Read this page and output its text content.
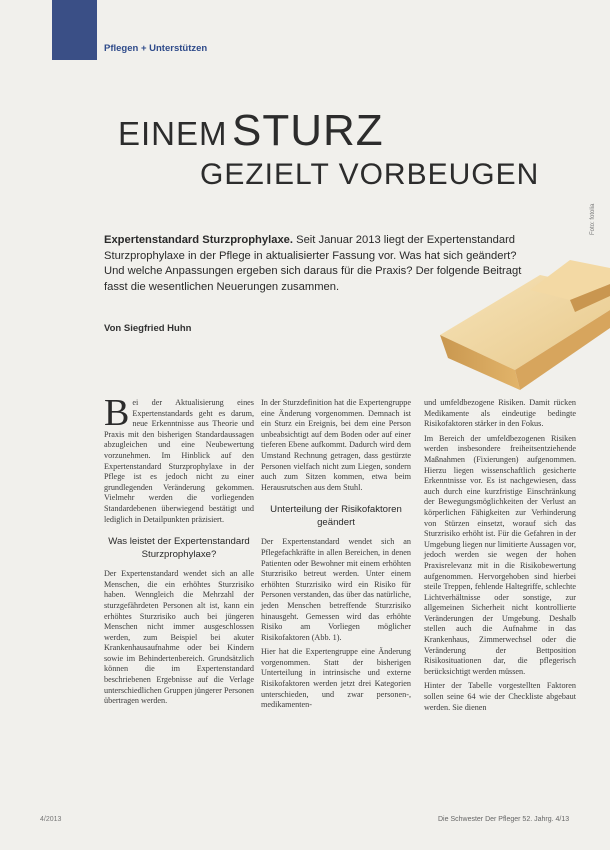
Pflegen + Unterstützen
EINEM STURZ
GEZIELT VORBEUGEN
Expertenstandard Sturzprophylaxe. Seit Januar 2013 liegt der Expertenstandard Sturzprophylaxe in der Pflege in aktualisierter Fassung vor. Was hat sich geändert? Und welche Anpassungen ergeben sich daraus für die Praxis? Der folgende Beitragt fasst die wesentlichen Neuerungen zusammen.
Von Siegfried Huhn
Foto: fotolia

Bei der Aktualisierung eines Expertenstandards geht es darum, neue Erkenntnisse aus Theorie und Praxis mit den bisherigen Standardaussagen abzugleichen und eine Neubewertung vorzunehmen. Im Hinblick auf den Expertenstandard Sturzprophylaxe in der Pflege ist es jedoch nicht zu einer grundlegenden Veränderung gekommen. Vielmehr werden die vorliegenden Standardebenen überwiegend bestätigt und lediglich in Detailpunkten präzisiert.

Was leistet der Expertenstandard Sturzprophylaxe?

Der Expertenstandard wendet sich an alle Menschen, die ein erhöhtes Sturzrisiko haben. Wenngleich die Mehrzahl der sturzgefährdeten Personen alt ist, kann ein erhöhtes Sturzrisiko auch bei jüngeren Menschen nicht immer ausgeschlossen werden, zum Beispiel bei akuter Krankenhausaufnahme oder bei Kindern sowie im Behindertenbereich. Grundsätzlich können die im Expertenstandard beschriebenen Ergebnisse auf die Verlage unterschiedlichen Gruppen jüngerer Personen übertragen werden.

In der Sturzdefinition hat die Expertengruppe eine Änderung vorgenommen. Demnach ist ein Sturz ein Ereignis, bei dem eine Person unbeabsichtigt auf dem Boden oder auf einer tieferen Ebene aufkommt. Dadurch wird dem Umstand Rechnung getragen, dass gestürzte Personen vielfach nicht zum Liegen, sondern auch zum Sitzen kommen, etwa beim Herausrutschen aus dem Stuhl.

Unterteilung der Risikofaktoren geändert

Der Expertenstandard wendet sich an Pflegefachkräfte in allen Bereichen, in denen Patienten oder Bewohner mit einem erhöhten Sturzrisiko betreut werden. Unter einem erhöhten Sturzrisiko wird ein Risiko für Personen verstanden, das über das natürliche, jeden Menschen betreffende Sturzrisiko hinausgeht. Gemessen wird das erhöhte Risiko am Vorliegen möglicher Risikofaktoren (Abb. 1).

Hier hat die Expertengruppe eine Änderung vorgenommen. Statt der bisherigen Unterteilung in intrinsische und externe Risikofaktoren werden jetzt drei Kategorien unterschieden, und zwar personen-, medikamenten-

und umfeldbezogene Risiken. Damit rücken Medikamente als eindeutige bedingte Risikofaktoren stärker in den Fokus.

Im Bereich der umfeldbezogenen Risiken werden insbesondere freiheitsentziehende Maßnahmen (Fixierungen) aufgenommen. Hierzu liegen wissenschaftlich gesicherte Erkenntnisse vor. Es ist nachgewiesen, dass auch durch eine kurzfristige Einschränkung der Bewegungsmöglichkeiten der Verlust an körperlichen Fähigkeiten zur Verhinderung von Stürzen einsetzt, worauf sich das Sturzrisiko erhöht ist. Für die Gefahren in der Umgebung liegen nur limitierte Aussagen vor, jedoch werden sie wegen der hohen Praxisrelevanz mit in die Risikobewertung aufgenommen. Hervorgehoben sind hierbei steile Treppen, fehlende Haltegriffe, schlechte Lichtverhältnisse oder sonstige, zur allgemeinen Sicherheit nicht kontrollierte Veränderungen der Umgebung. Deshalb stellen auch die Aufnahme in das Krankenhaus, Zimmerwechsel oder die Veränderung der Bettposition Risikosituationen dar, die pflegerisch berücksichtigt werden müssen.

Hinter der Tabelle vorgestellten Faktoren sollen seine 64 wie der Checkliste abgebaut werden. Sie dienen

4/2013	Die Schwester Der Pfleger 52. Jahrg. 4/13
